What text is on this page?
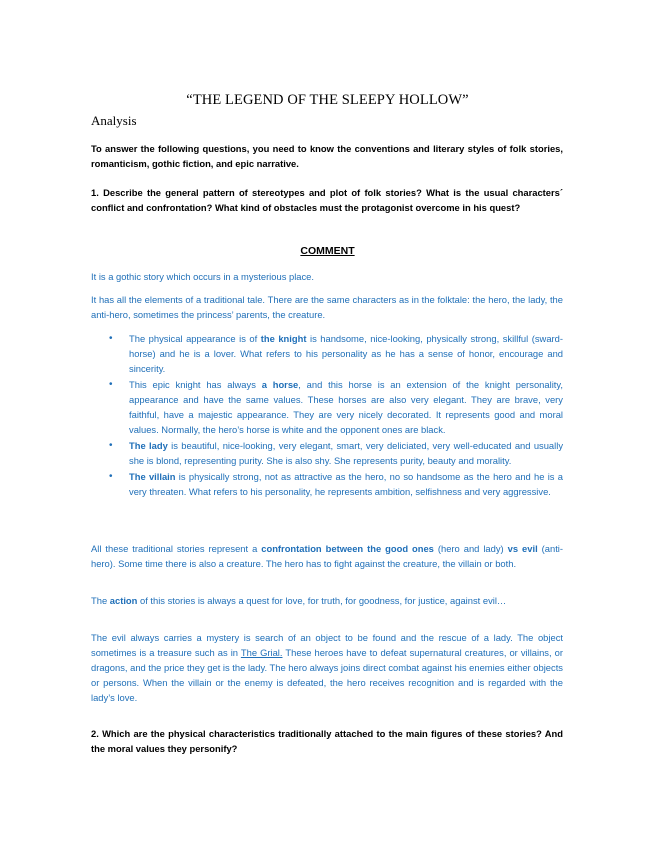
“THE LEGEND OF THE SLEEPY HOLLOW”
Analysis
To answer the following questions, you need to know the conventions and literary styles of folk stories, romanticism, gothic fiction, and epic narrative.
1. Describe the general pattern of stereotypes and plot of folk stories? What is the usual characters´ conflict and confrontation? What kind of obstacles must the protagonist overcome in his quest?
COMMENT
It is a gothic story which occurs in a mysterious place.
It has all the elements of a traditional tale. There are the same characters as in the folktale: the hero, the lady, the anti-hero, sometimes the princess’ parents, the creature.
• The physical appearance is of the knight is handsome, nice-looking, physically strong, skillful (sward-horse) and he is a lover. What refers to his personality as he has a sense of honor, encourage and sincerity.
• This epic knight has always a horse, and this horse is an extension of the knight personality, appearance and have the same values. These horses are also very elegant. They are brave, very faithful, have a majestic appearance. They are very nicely decorated. It represents good and moral values. Normally, the hero’s horse is white and the opponent ones are black.
• The lady is beautiful, nice-looking, very elegant, smart, very deliciated, very well-educated and usually she is blond, representing purity. She is also shy. She represents purity, beauty and morality.
• The villain is physically strong, not as attractive as the hero, no so handsome as the hero and he is a very threaten. What refers to his personality, he represents ambition, selfishness and very aggressive.
All these traditional stories represent a confrontation between the good ones (hero and lady) vs evil (anti-hero). Some time there is also a creature. The hero has to fight against the creature, the villain or both.
The action of this stories is always a quest for love, for truth, for goodness, for justice, against evil…
The evil always carries a mystery is search of an object to be found and the rescue of a lady. The object sometimes is a treasure such as in The Grial. These heroes have to defeat supernatural creatures, or villains, or dragons, and the price they get is the lady. The hero always joins direct combat against his enemies either objects or persons. When the villain or the enemy is defeated, the hero receives recognition and is regarded with the lady’s love.
2. Which are the physical characteristics traditionally attached to the main figures of these stories? And the moral values they personify?
